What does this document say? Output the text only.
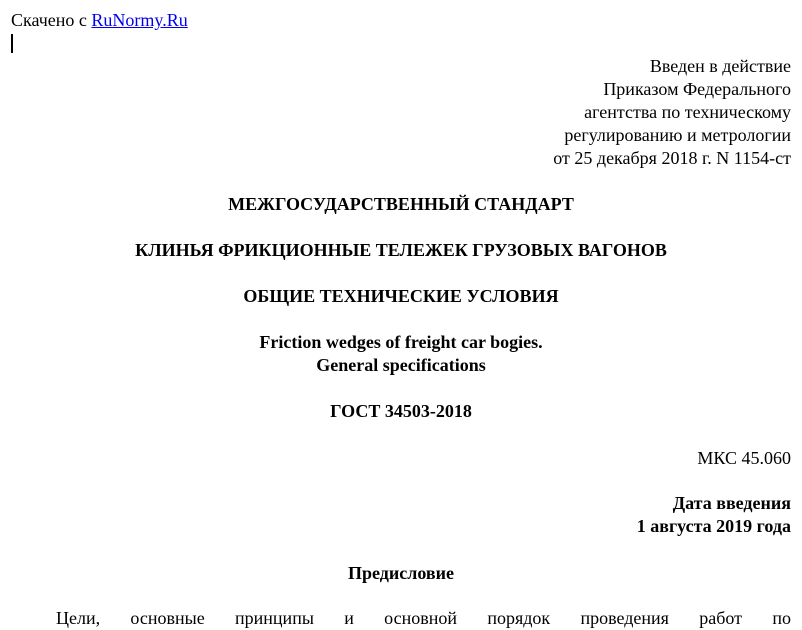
Скачено с RuNormy.Ru
Введен в действие
Приказом Федерального
агентства по техническому
регулированию и метрологии
от 25 декабря 2018 г. N 1154-ст
МЕЖГОСУДАРСТВЕННЫЙ СТАНДАРТ
КЛИНЬЯ ФРИКЦИОННЫЕ ТЕЛЕЖЕК ГРУЗОВЫХ ВАГОНОВ
ОБЩИЕ ТЕХНИЧЕСКИЕ УСЛОВИЯ
Friction wedges of freight car bogies.
General specifications
ГОСТ 34503-2018
МКС 45.060
Дата введения
1 августа 2019 года
Предисловие
Цели, основные принципы и основной порядок проведения работ по
